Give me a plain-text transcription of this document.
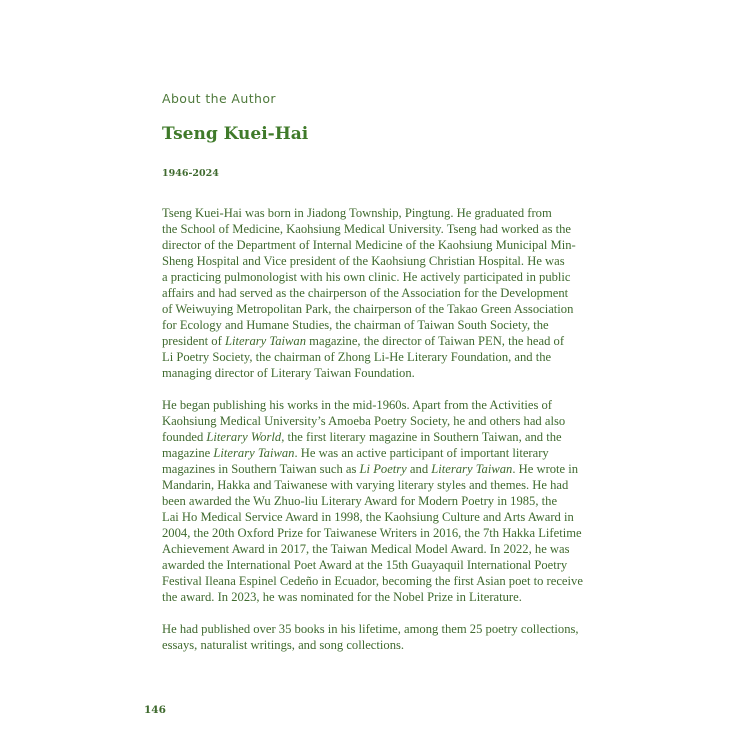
About the Author
Tseng Kuei-Hai
1946-2024

Tseng Kuei-Hai was born in Jiadong Township, Pingtung. He graduated from
the School of Medicine, Kaohsiung Medical University. Tseng had worked as the
director of the Department of Internal Medicine of the Kaohsiung Municipal Min-
Sheng Hospital and Vice president of the Kaohsiung Christian Hospital. He was
a practicing pulmonologist with his own clinic. He actively participated in public
affairs and had served as the chairperson of the Association for the Development
of Weiwuying Metropolitan Park, the chairperson of the Takao Green Association
for Ecology and Humane Studies, the chairman of Taiwan South Society, the
president of Literary Taiwan magazine, the director of Taiwan PEN, the head of
Li Poetry Society, the chairman of Zhong Li-He Literary Foundation, and the
managing director of Literary Taiwan Foundation.

He began publishing his works in the mid-1960s. Apart from the Activities of
Kaohsiung Medical University’s Amoeba Poetry Society, he and others had also
founded Literary World, the first literary magazine in Southern Taiwan, and the
magazine Literary Taiwan. He was an active participant of important literary
magazines in Southern Taiwan such as Li Poetry and Literary Taiwan. He wrote in
Mandarin, Hakka and Taiwanese with varying literary styles and themes. He had
been awarded the Wu Zhuo-liu Literary Award for Modern Poetry in 1985, the
Lai Ho Medical Service Award in 1998, the Kaohsiung Culture and Arts Award in
2004, the 20th Oxford Prize for Taiwanese Writers in 2016, the 7th Hakka Lifetime
Achievement Award in 2017, the Taiwan Medical Model Award. In 2022, he was
awarded the International Poet Award at the 15th Guayaquil International Poetry
Festival Ileana Espinel Cedeño in Ecuador, becoming the first Asian poet to receive
the award. In 2023, he was nominated for the Nobel Prize in Literature.

He had published over 35 books in his lifetime, among them 25 poetry collections,
essays, naturalist writings, and song collections.

146
